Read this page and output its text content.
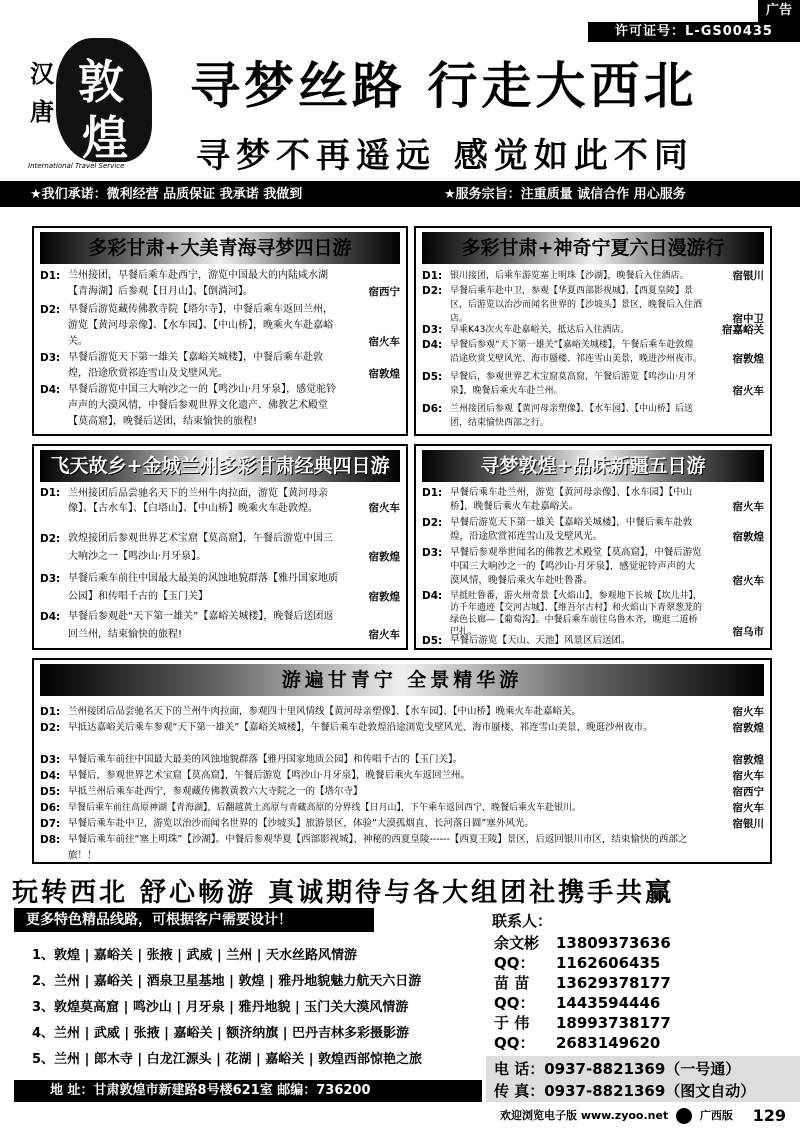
广告
许可证号：L-GS00435
汉
唐
敦
煌
International Travel Service
寻梦丝路 行走大西北
寻梦不再遥远 感觉如此不同
★我们承诺：微利经营 品质保证 我承诺 我做到	★服务宗旨：注重质量 诚信合作 用心服务
多彩甘肃+大美青海寻梦四日游
D1: 兰州接团，早餐后乘车赴西宁，游览中国最大的内陆咸水湖【青海湖】后参观【日月山】、【倒淌河】。	宿西宁
D2: 早餐后游览藏传佛教寺院【塔尔寺】，中餐后乘车返回兰州，游览【黄河母亲像】、【水车园】、【中山桥】，晚乘火车赴嘉峪关。	宿火车
D3: 早餐后游览天下第一雄关【嘉峪关城楼】，中餐后乘车赴敦煌，沿途欣赏祁连雪山及戈壁风光。	宿敦煌
D4: 早餐后游览中国三大响沙之一的【鸣沙山·月牙泉】，感觉驼铃声声的大漠风情，中餐后参观世界文化遗产、佛教艺术殿堂【莫高窟】，晚餐后送团，结束愉快的旅程!
多彩甘肃+神奇宁夏六日漫游行
D1: 银川接团，后乘车游览塞上明珠【沙湖】，晚餐后入住酒店。	宿银川
D2: 早餐后乘车赴中卫，参观【华夏西部影视城】、【西夏皇陵】景区，后游览以治沙而闻名世界的【沙坡头】景区，晚餐后入住酒店。	宿中卫
D3: 早乘K43次火车赴嘉峪关，抵达后入住酒店。	宿嘉峪关
D4: 早餐后参观“天下第一雄关”【嘉峪关城楼】，午餐后乘车赴敦煌沿途欣赏戈壁风光、海市蜃楼、祁连雪山美景，晚进沙州夜市。	宿敦煌
D5: 早餐后，参观世界艺术宝窟莫高窟，午餐后游览【鸣沙山·月牙泉】，晚餐后乘火车赴兰州。	宿火车
D6: 兰州接团后参观【黄河母亲塑像】、【水车园】、【中山桥】后送团，结束愉快西部之行。
飞天故乡+金城兰州多彩甘肃经典四日游
D1: 兰州接团后品尝驰名天下的兰州牛肉拉面，游览【黄河母亲像】、【古水车】、【白塔山】、【中山桥】晚乘火车赴敦煌。	宿火车
D2: 敦煌接团后参观世界艺术宝窟【莫高窟】，午餐后游览中国三大响沙之一【鸣沙山·月牙泉】。	宿敦煌
D3: 早餐后乘车前往中国最大最美的风蚀地貌群落【雅丹国家地质公园】和传唱千古的【玉门关】	宿敦煌
D4: 早餐后参观赴“天下第一雄关”【嘉峪关城楼】，晚餐后送团返回兰州，结束愉快的旅程!	宿火车
寻梦敦煌+品味新疆五日游
D1: 早餐后乘车赴兰州，游览【黄河母亲像】、【水车园】【中山桥】，晚餐后乘火车赴嘉峪关。	宿火车
D2: 早餐后游览天下第一雄关【嘉峪关城楼】，中餐后乘车赴敦煌，沿途欣赏祁连雪山及戈壁风光。	宿敦煌
D3: 早餐后参观举世闻名的佛教艺术殿堂【莫高窟】，中餐后游览中国三大响沙之一的【鸣沙山·月牙泉】，感觉驼铃声声的大漠风情，晚餐后乘火车赴吐鲁番。	宿火车
D4: 早抵吐鲁番，游火州奇景【火焰山】，参观地下长城【坎儿井】，访千年遗迹【交河古城】、【维吾尔古村】和火焰山下青翠葱茏的绿色长廊—【葡萄沟】。中餐后乘车前往乌鲁木齐，晚逛二道桥巴扎。	宿乌市
D5: 早餐后游览【天山、天池】风景区后送团。
游遍甘青宁 全景精华游
D1: 兰州接团后品尝驰名天下的兰州牛肉拉面，参观四十里风情线【黄河母亲塑像】、【水车园】、【中山桥】晚乘火车赴嘉峪关。	宿火车
D2: 早抵达嘉峪关后乘车参观“天下第一雄关”【嘉峪关城楼】，午餐后乘车赴敦煌沿途浏览戈壁风光、海市蜃楼、祁连雪山美景，晚逛沙州夜市。	宿敦煌
D3: 早餐后乘车前往中国最大最美的风蚀地貌群落【雅丹国家地质公园】和传唱千古的【玉门关】。	宿敦煌
D4: 早餐后，参观世界艺术宝窟【莫高窟】，午餐后游览【鸣沙山·月牙泉】，晚餐后乘火车返回兰州。	宿火车
D5: 早抵兰州后乘车赴西宁，参观藏传佛教黄教六大寺院之一的【塔尔寺】	宿西宁
D6: 早餐后乘车前往高原神湖【青海湖】，后翻越黄土高原与青藏高原的分界线【日月山】，下午乘车返回西宁，晚餐后乘火车赴银川。	宿火车
D7: 早餐后乘车赴中卫，游览以治沙而闻名世界的【沙坡头】旅游景区，体验“大漠孤烟直、长河落日圆”塞外风光。	宿银川
D8: 早餐后乘车前往“塞上明珠”【沙湖】。中餐后参观华夏【西部影视城】、神秘的西夏皇陵------【西夏王陵】景区，后返回银川市区，结束愉快的西部之旅！！
玩转西北 舒心畅游 真诚期待与各大组团社携手共赢
更多特色精品线路，可根据客户需要设计！
1、敦煌 | 嘉峪关 | 张掖 | 武威 | 兰州 | 天水丝路风情游
2、兰州 | 嘉峪关 | 酒泉卫星基地 | 敦煌 | 雅丹地貌魅力航天六日游
3、敦煌莫高窟 | 鸣沙山 | 月牙泉 | 雅丹地貌 | 玉门关大漠风情游
4、兰州 | 武威 | 张掖 | 嘉峪关 | 额济纳旗 | 巴丹吉林多彩摄影游
5、兰州 | 郎木寺 | 白龙江源头 | 花湖 | 嘉峪关 | 敦煌西部惊艳之旅
联系人：
余文彬 13809373636
QQ： 1162606435
苗 苗 13629378177
QQ： 1443594446
于 伟 18993738177
QQ： 2683149620
电 话：0937-8821369（一号通）
传 真：0937-8821369（图文自动）
地 址：甘肃敦煌市新建路8号楼621室 邮编：736200
欢迎浏览电子版 www.zyoo.net	广西版 129
